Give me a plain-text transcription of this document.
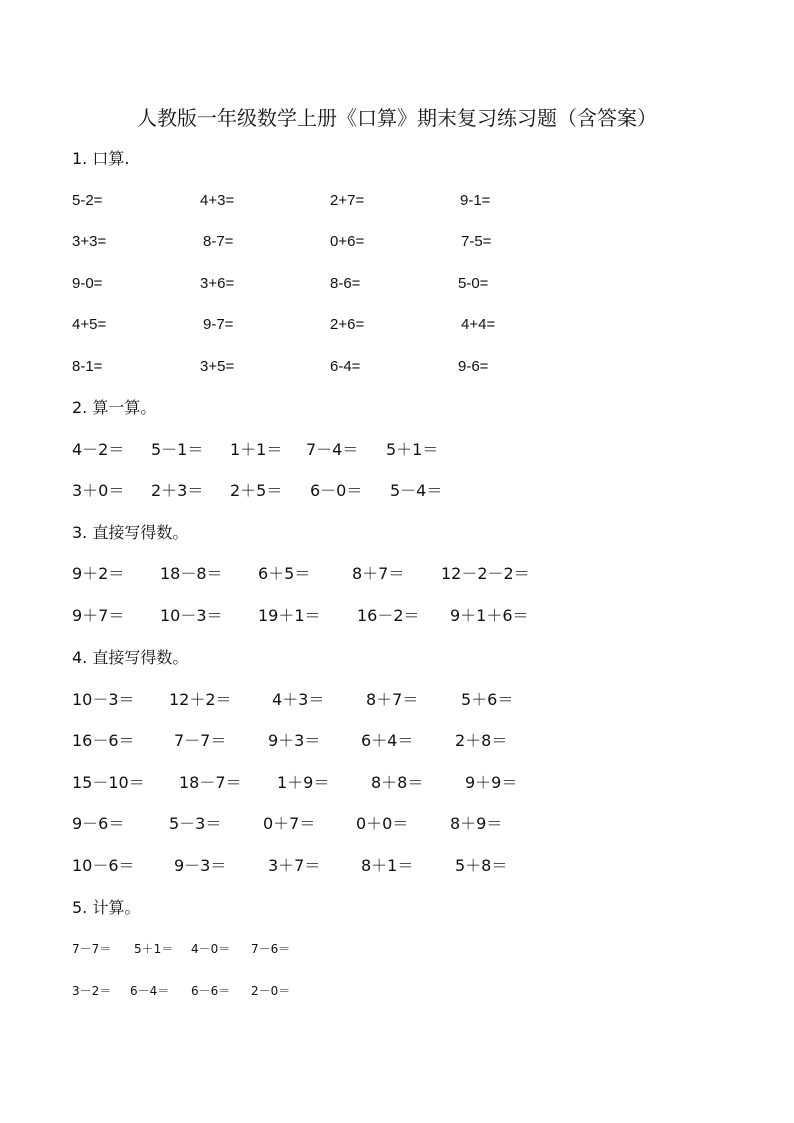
人教版一年级数学上册《口算》期末复习练习题（含答案）
1. 口算.
5-2=	4+3=	2+7=	9-1=
3+3=	8-7=	0+6=	7-5=
9-0=	3+6=	8-6=	5-0=
4+5=	9-7=	2+6=	4+4=
8-1=	3+5=	6-4=	9-6=
2. 算一算。
4－2＝ 5－1＝ 1＋1＝ 7－4＝ 5＋1＝
3＋0＝ 2＋3＝ 2＋5＝ 6－0＝ 5－4＝
3. 直接写得数。
9＋2＝ 18－8＝ 6＋5＝	8＋7＝ 12－2－2＝
9＋7＝ 10－3＝ 19＋1＝ 16－2＝ 9＋1＋6＝
4. 直接写得数。
10－3＝ 12＋2＝	4＋3＝	8＋7＝	5＋6＝
16－6＝ 7－7＝	9＋3＝	6＋4＝	2＋8＝
15－10＝ 18－7＝ 1＋9＝	8＋8＝	9＋9＝
9－6＝	5－3＝	0＋7＝	0＋0＝	8＋9＝
10－6＝ 9－3＝	3＋7＝	8＋1＝	5＋8＝
5. 计算。
7－7＝ 5＋1＝ 4－0＝ 7－6＝
3－2＝ 6－4＝ 6－6＝ 2－0＝
